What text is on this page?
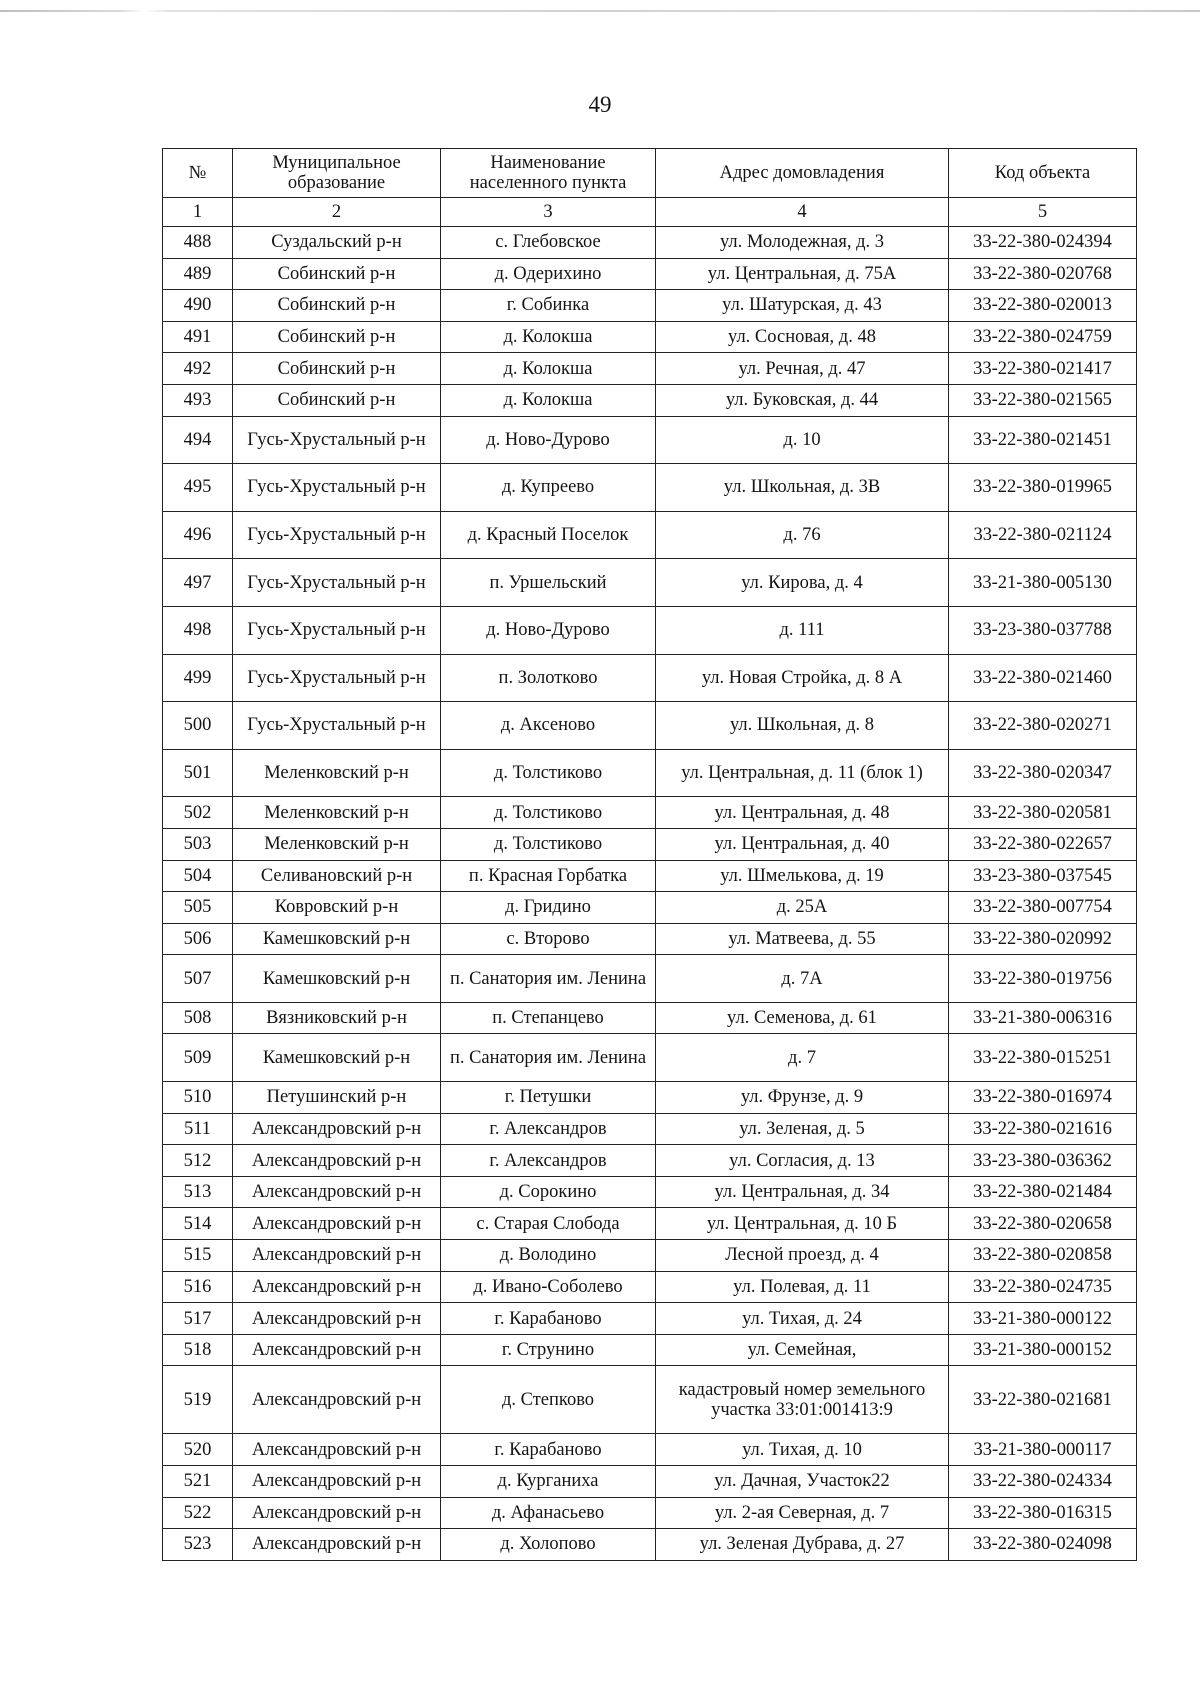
49
№	Муниципальное образование	Наименование населенного пункта	Адрес домовладения	Код объекта
1	2	3	4	5
488	Суздальский р-н	с. Глебовское	ул. Молодежная, д. 3	33-22-380-024394
489	Собинский р-н	д. Одерихино	ул. Центральная, д. 75А	33-22-380-020768
490	Собинский р-н	г. Собинка	ул. Шатурская, д. 43	33-22-380-020013
491	Собинский р-н	д. Колокша	ул. Сосновая, д. 48	33-22-380-024759
492	Собинский р-н	д. Колокша	ул. Речная, д. 47	33-22-380-021417
493	Собинский р-н	д. Колокша	ул. Буковская, д. 44	33-22-380-021565
494	Гусь-Хрустальный р-н	д. Ново-Дурово	д. 10	33-22-380-021451
495	Гусь-Хрустальный р-н	д. Купреево	ул. Школьная, д. 3В	33-22-380-019965
496	Гусь-Хрустальный р-н	д. Красный Поселок	д. 76	33-22-380-021124
497	Гусь-Хрустальный р-н	п. Уршельский	ул. Кирова, д. 4	33-21-380-005130
498	Гусь-Хрустальный р-н	д. Ново-Дурово	д. 111	33-23-380-037788
499	Гусь-Хрустальный р-н	п. Золотково	ул. Новая Стройка, д. 8 А	33-22-380-021460
500	Гусь-Хрустальный р-н	д. Аксеново	ул. Школьная, д. 8	33-22-380-020271
501	Меленковский р-н	д. Толстиково	ул. Центральная, д. 11 (блок 1)	33-22-380-020347
502	Меленковский р-н	д. Толстиково	ул. Центральная, д. 48	33-22-380-020581
503	Меленковский р-н	д. Толстиково	ул. Центральная, д. 40	33-22-380-022657
504	Селивановский р-н	п. Красная Горбатка	ул. Шмелькова, д. 19	33-23-380-037545
505	Ковровский р-н	д. Гридино	д. 25А	33-22-380-007754
506	Камешковский р-н	с. Второво	ул. Матвеева, д. 55	33-22-380-020992
507	Камешковский р-н	п. Санатория им. Ленина	д. 7А	33-22-380-019756
508	Вязниковский р-н	п. Степанцево	ул. Семенова, д. 61	33-21-380-006316
509	Камешковский р-н	п. Санатория им. Ленина	д. 7	33-22-380-015251
510	Петушинский р-н	г. Петушки	ул. Фрунзе, д. 9	33-22-380-016974
511	Александровский р-н	г. Александров	ул. Зеленая, д. 5	33-22-380-021616
512	Александровский р-н	г. Александров	ул. Согласия, д. 13	33-23-380-036362
513	Александровский р-н	д. Сорокино	ул. Центральная, д. 34	33-22-380-021484
514	Александровский р-н	с. Старая Слобода	ул. Центральная, д. 10 Б	33-22-380-020658
515	Александровский р-н	д. Володино	Лесной проезд, д. 4	33-22-380-020858
516	Александровский р-н	д. Ивано-Соболево	ул. Полевая, д. 11	33-22-380-024735
517	Александровский р-н	г. Карабаново	ул. Тихая, д. 24	33-21-380-000122
518	Александровский р-н	г. Струнино	ул. Семейная,	33-21-380-000152
519	Александровский р-н	д. Степково	кадастровый номер земельного участка 33:01:001413:9	33-22-380-021681
520	Александровский р-н	г. Карабаново	ул. Тихая, д. 10	33-21-380-000117
521	Александровский р-н	д. Курганиха	ул. Дачная, Участок22	33-22-380-024334
522	Александровский р-н	д. Афанасьево	ул. 2-ая Северная, д. 7	33-22-380-016315
523	Александровский р-н	д. Холопово	ул. Зеленая Дубрава, д. 27	33-22-380-024098
